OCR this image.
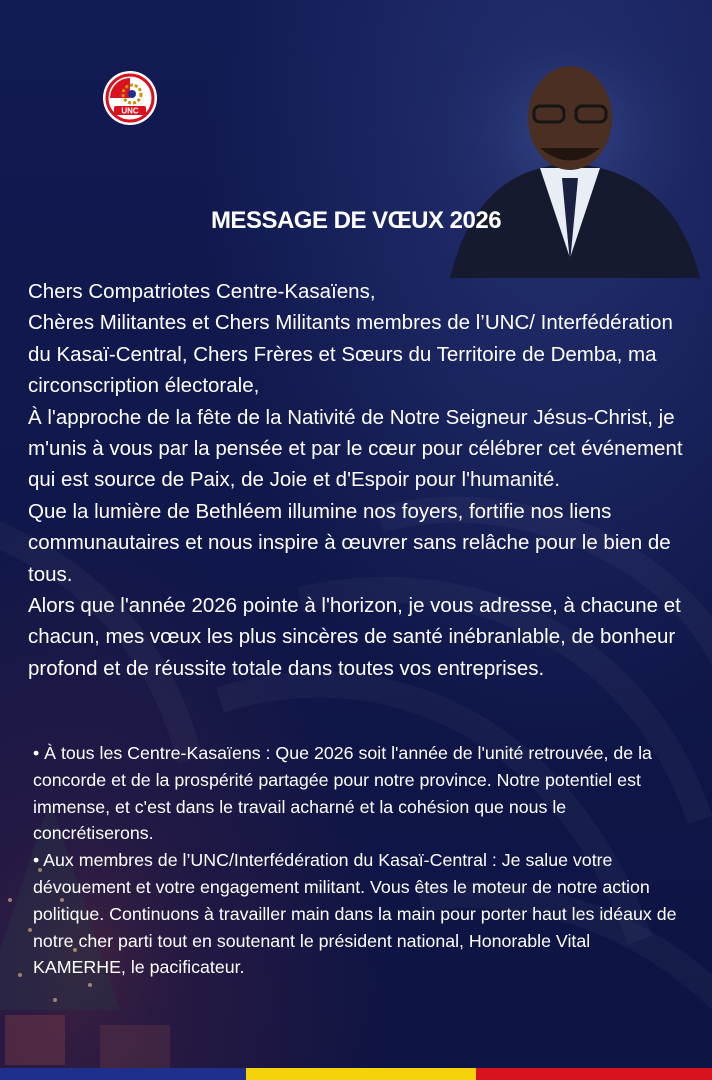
UNC
MESSAGE DE VŒUX 2026

Chers Compatriotes Centre-Kasaïens,

Chères Militantes et Chers Militants membres de l’UNC/ Interfédération du Kasaï-Central, Chers Frères et Sœurs du Territoire de Demba, ma circonscription électorale,

À l'approche de la fête de la Nativité de Notre Seigneur Jésus-Christ, je m'unis à vous par la pensée et par le cœur pour célébrer cet événement qui est source de Paix, de Joie et d'Espoir pour l'humanité.

Que la lumière de Bethléem illumine nos foyers, fortifie nos liens communautaires et nous inspire à œuvrer sans relâche pour le bien de tous.

Alors que l'année 2026 pointe à l'horizon, je vous adresse, à chacune et chacun, mes vœux les plus sincères de santé inébranlable, de bonheur profond et de réussite totale dans toutes vos entreprises.

• À tous les Centre-Kasaïens : Que 2026 soit l'année de l'unité retrouvée, de la concorde et de la prospérité partagée pour notre province. Notre potentiel est immense, et c'est dans le travail acharné et la cohésion que nous le concrétiserons.

• Aux membres de l’UNC/Interfédération du Kasaï-Central : Je salue votre dévouement et votre engagement militant. Vous êtes le moteur de notre action politique. Continuons à travailler main dans la main pour porter haut les idéaux de notre cher parti tout en soutenant le président national, Honorable Vital KAMERHE, le pacificateur.
